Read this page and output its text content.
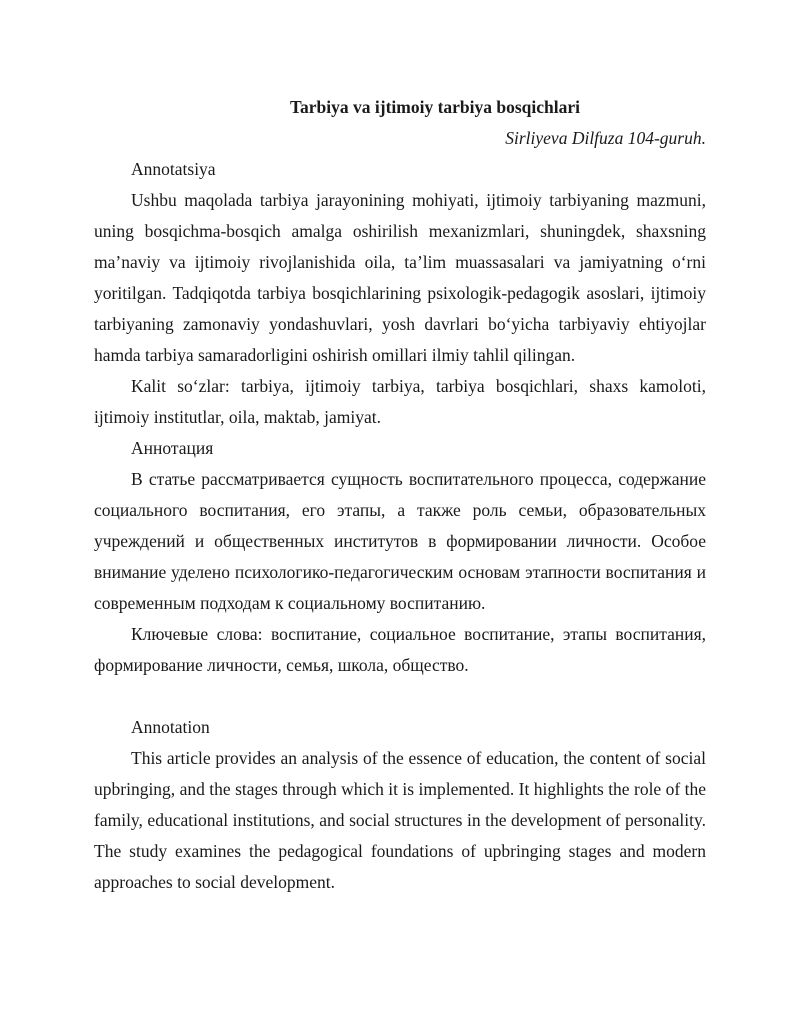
Tarbiya va ijtimoiy tarbiya bosqichlari

Sirliyeva Dilfuza 104-guruh.

Annotatsiya

Ushbu maqolada tarbiya jarayonining mohiyati, ijtimoiy tarbiyaning mazmuni, uning bosqichma-bosqich amalga oshirilish mexanizmlari, shuningdek, shaxsning ma’naviy va ijtimoiy rivojlanishida oila, ta’lim muassasalari va jamiyatning o‘rni yoritilgan. Tadqiqotda tarbiya bosqichlarining psixologik-pedagogik asoslari, ijtimoiy tarbiyaning zamonaviy yondashuvlari, yosh davrlari bo‘yicha tarbiyaviy ehtiyojlar hamda tarbiya samaradorligini oshirish omillari ilmiy tahlil qilingan.

Kalit so‘zlar: tarbiya, ijtimoiy tarbiya, tarbiya bosqichlari, shaxs kamoloti, ijtimoiy institutlar, oila, maktab, jamiyat.

Аннотация

В статье рассматривается сущность воспитательного процесса, содержание социального воспитания, его этапы, а также роль семьи, образовательных учреждений и общественных институтов в формировании личности. Особое внимание уделено психологико-педагогическим основам этапности воспитания и современным подходам к социальному воспитанию.

Ключевые слова: воспитание, социальное воспитание, этапы воспитания, формирование личности, семья, школа, общество.

Annotation

This article provides an analysis of the essence of education, the content of social upbringing, and the stages through which it is implemented. It highlights the role of the family, educational institutions, and social structures in the development of personality. The study examines the pedagogical foundations of upbringing stages and modern approaches to social development.
